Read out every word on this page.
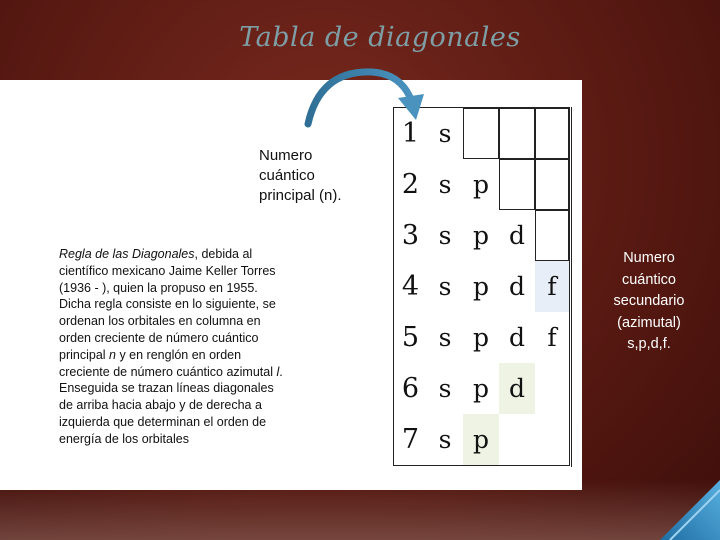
Tabla de diagonales
Numero cuántico principal (n).
Regla de las Diagonales, debida al científico mexicano Jaime Keller Torres (1936 - ), quien la propuso en 1955. Dicha regla consiste en lo siguiente, se ordenan los orbitales en columna en orden creciente de número cuántico principal n y en renglón en orden creciente de número cuántico azimutal l. Enseguida se trazan líneas diagonales de arriba hacia abajo y de derecha a izquierda que determinan el orden de energía de los orbitales
1 s
2 s p
3 s p d
4 s p d f
5 s p d f
6 s p d
7 s p
Numero
cuántico
secundario
(azimutal)
s,p,d,f.
